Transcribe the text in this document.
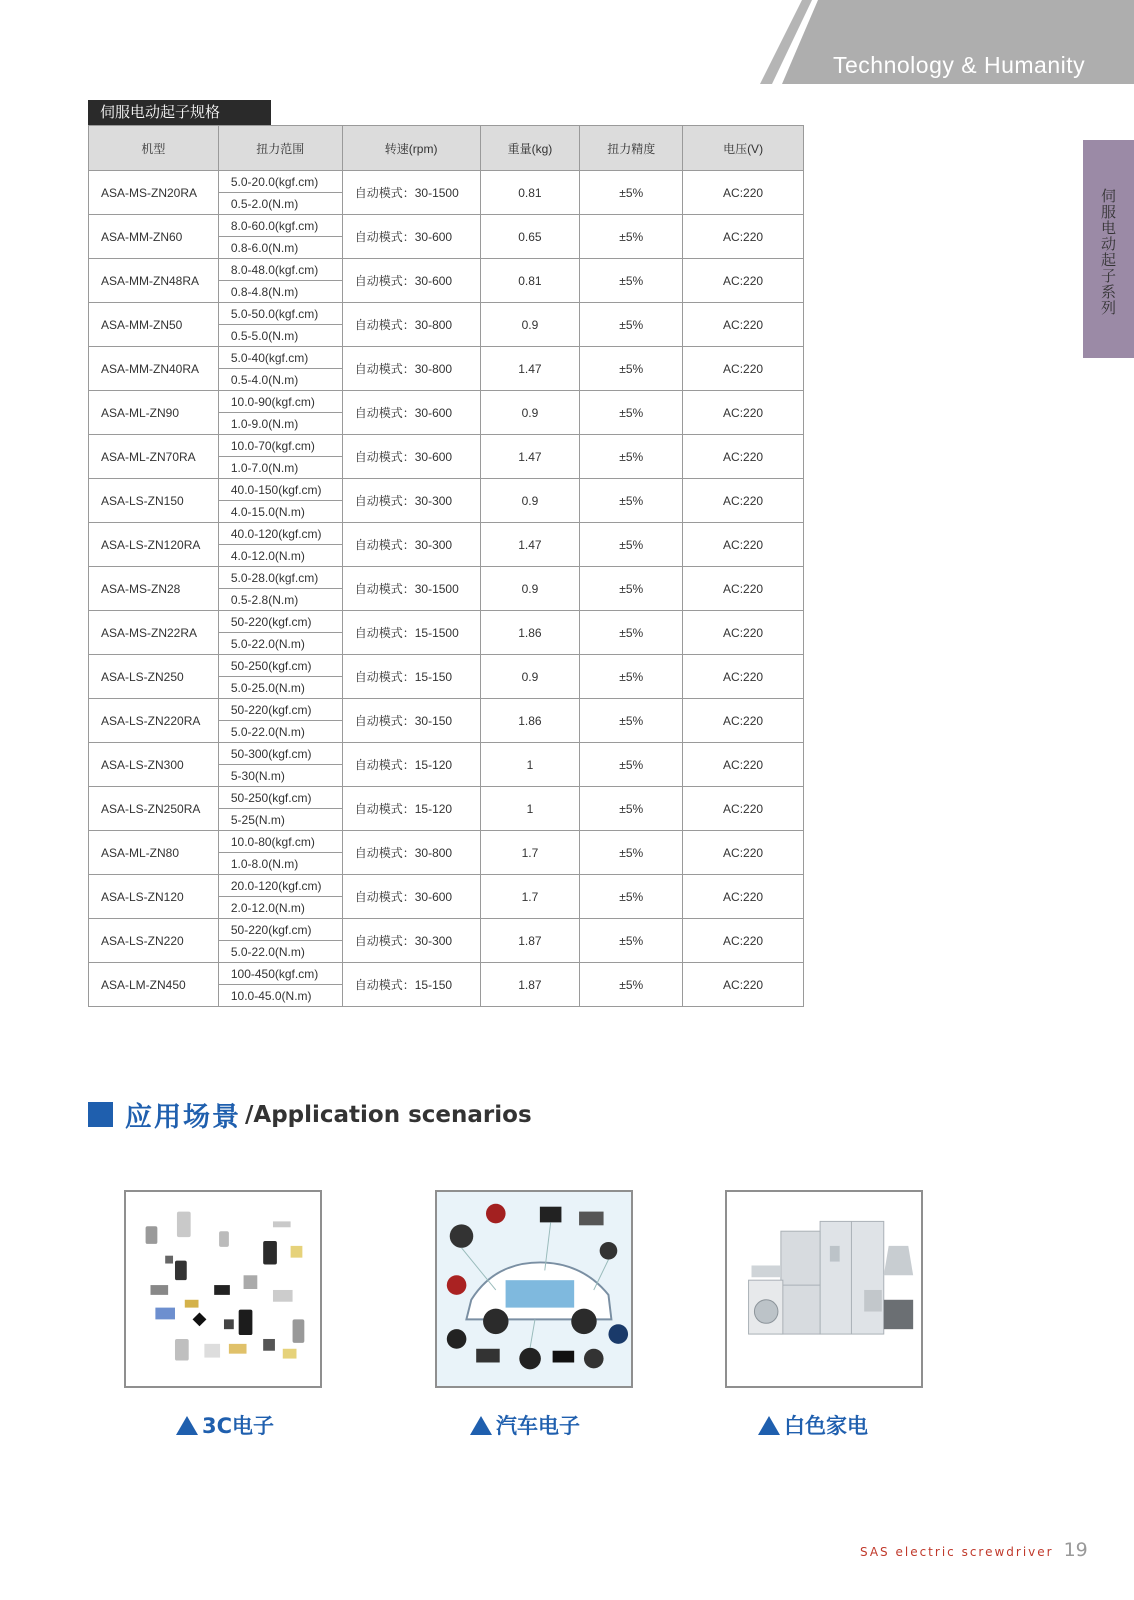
Technology & Humanity
伺服电动起子系列
伺服电动起子规格
机型	扭力范围	转速(rpm)	重量(kg)	扭力精度	电压(V)
ASA-MS-ZN20RA	5.0-20.0(kgf.cm)	自动模式：30-1500	0.81	±5%	AC:220
	0.5-2.0(N.m)				
ASA-MM-ZN60	8.0-60.0(kgf.cm)	自动模式：30-600	0.65	±5%	AC:220
	0.8-6.0(N.m)				
ASA-MM-ZN48RA	8.0-48.0(kgf.cm)	自动模式：30-600	0.81	±5%	AC:220
	0.8-4.8(N.m)				
ASA-MM-ZN50	5.0-50.0(kgf.cm)	自动模式：30-800	0.9	±5%	AC:220
	0.5-5.0(N.m)				
ASA-MM-ZN40RA	5.0-40(kgf.cm)	自动模式：30-800	1.47	±5%	AC:220
	0.5-4.0(N.m)				
ASA-ML-ZN90	10.0-90(kgf.cm)	自动模式：30-600	0.9	±5%	AC:220
	1.0-9.0(N.m)				
ASA-ML-ZN70RA	10.0-70(kgf.cm)	自动模式：30-600	1.47	±5%	AC:220
	1.0-7.0(N.m)				
ASA-LS-ZN150	40.0-150(kgf.cm)	自动模式：30-300	0.9	±5%	AC:220
	4.0-15.0(N.m)				
ASA-LS-ZN120RA	40.0-120(kgf.cm)	自动模式：30-300	1.47	±5%	AC:220
	4.0-12.0(N.m)				
ASA-MS-ZN28	5.0-28.0(kgf.cm)	自动模式：30-1500	0.9	±5%	AC:220
	0.5-2.8(N.m)				
ASA-MS-ZN22RA	50-220(kgf.cm)	自动模式：15-1500	1.86	±5%	AC:220
	5.0-22.0(N.m)				
ASA-LS-ZN250	50-250(kgf.cm)	自动模式：15-150	0.9	±5%	AC:220
	5.0-25.0(N.m)				
ASA-LS-ZN220RA	50-220(kgf.cm)	自动模式：30-150	1.86	±5%	AC:220
	5.0-22.0(N.m)				
ASA-LS-ZN300	50-300(kgf.cm)	自动模式：15-120	1	±5%	AC:220
	5-30(N.m)				
ASA-LS-ZN250RA	50-250(kgf.cm)	自动模式：15-120	1	±5%	AC:220
	5-25(N.m)				
ASA-ML-ZN80	10.0-80(kgf.cm)	自动模式：30-800	1.7	±5%	AC:220
	1.0-8.0(N.m)				
ASA-LS-ZN120	20.0-120(kgf.cm)	自动模式：30-600	1.7	±5%	AC:220
	2.0-12.0(N.m)				
ASA-LS-ZN220	50-220(kgf.cm)	自动模式：30-300	1.87	±5%	AC:220
	5.0-22.0(N.m)				
ASA-LM-ZN450	100-450(kgf.cm)	自动模式：15-150	1.87	±5%	AC:220
	10.0-45.0(N.m)				
应用场景 /Application scenarios
3C电子	汽车电子	白色家电
SAS electric screwdriver 19
